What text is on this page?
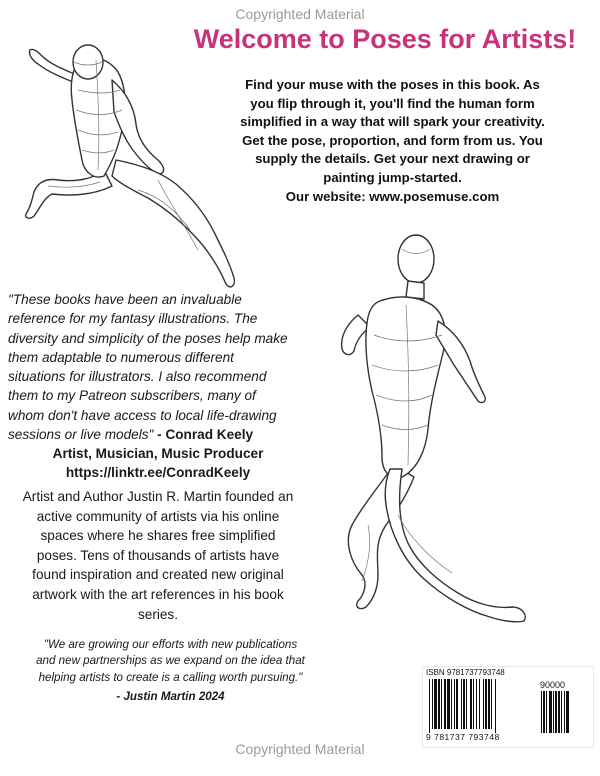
Copyrighted Material
Welcome to Poses for Artists!
Find your muse with the poses in this book. As
you flip through it, you'll find the human form
simplified in a way that will spark your creativity.
Get the pose, proportion, and form from us. You
supply the details. Get your next drawing or
painting jump-started.
Our website: www.posemuse.com
"These books have been an invaluable
reference for my fantasy illustrations. The
diversity and simplicity of the poses help make
them adaptable to numerous different
situations for illustrators. I also recommend
them to my Patreon subscribers, many of
whom don't have access to local life-drawing
sessions or live models" - Conrad Keely
Artist, Musician, Music Producer
https://linktr.ee/ConradKeely
Artist and Author Justin R. Martin founded an
active community of artists via his online
spaces where he shares free simplified
poses. Tens of thousands of artists have
found inspiration and created new original
artwork with the art references in his book
series.
"We are growing our efforts with new publications
and new partnerships as we expand on the idea that
helping artists to create is a calling worth pursuing."
- Justin Martin 2024
ISBN 9781737793748
90000
9 781737 793748
Copyrighted Material
